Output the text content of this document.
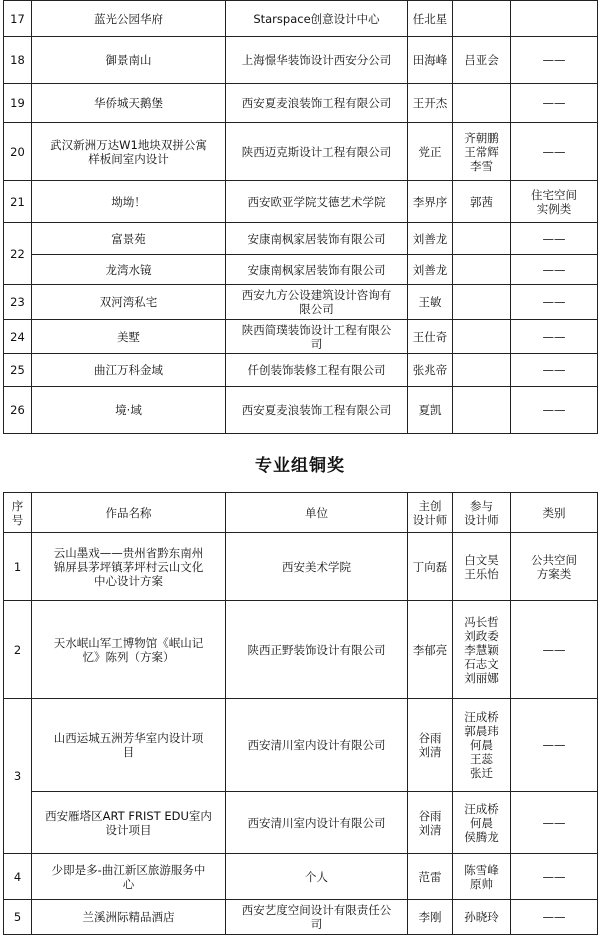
17	蓝光公园华府	Starspace创意设计中心	任北星		
18	御景南山	上海憬华装饰设计西安分公司	田海峰	吕亚会	——
19	华侨城天鹅堡	西安夏麦浪装饰工程有限公司	王开杰		——
20	武汉新洲万达W1地块双拼公寓
样板间室内设计	陕西迈克斯设计工程有限公司	党正	齐朝鹏
王常辉
李雪	——
21	坳坳！	西安欧亚学院艾德艺术学院	李界序	郭茜	住宅空间
实例类
22	富景苑	安康南枫家居装饰有限公司	刘善龙		——
	龙湾水镜	安康南枫家居装饰有限公司	刘善龙		——
23	双河湾私宅	西安九方公设建筑设计咨询有
限公司	王敏		——
24	美墅	陕西简璞装饰设计工程有限公
司	王仕奇		——
25	曲江万科金域	仟创装饰装修工程有限公司	张兆帝		——
26	境·域	西安夏麦浪装饰工程有限公司	夏凯		——
专业组铜奖
序
号	作品名称	单位	主创
设计师	参与
设计师	类别
1	云山墨戏——贵州省黔东南州
锦屏县茅坪镇茅坪村云山文化
中心设计方案	西安美术学院	丁向磊	白文昊
王乐怡	公共空间
方案类
2	天水岷山军工博物馆《岷山记
忆》陈列（方案）	陕西正野装饰设计有限公司	李郁亮	冯长哲
刘政委
李慧颖
石志文
刘丽娜	——
3	山西运城五洲芳华室内设计项
目	西安清川室内设计有限公司	谷雨
刘清	汪成桥
郭晨玮
何晨
王蕊
张迁	——
	西安雁塔区ART FRIST EDU室内
设计项目	西安清川室内设计有限公司	谷雨
刘清	汪成桥
何晨
侯腾龙	——
4	少即是多-曲江新区旅游服务中
心	个人	范雷	陈雪峰
原帅	——
5	兰溪洲际精品酒店	西安艺度空间设计有限责任公
司	李刚	孙晓玲	——
